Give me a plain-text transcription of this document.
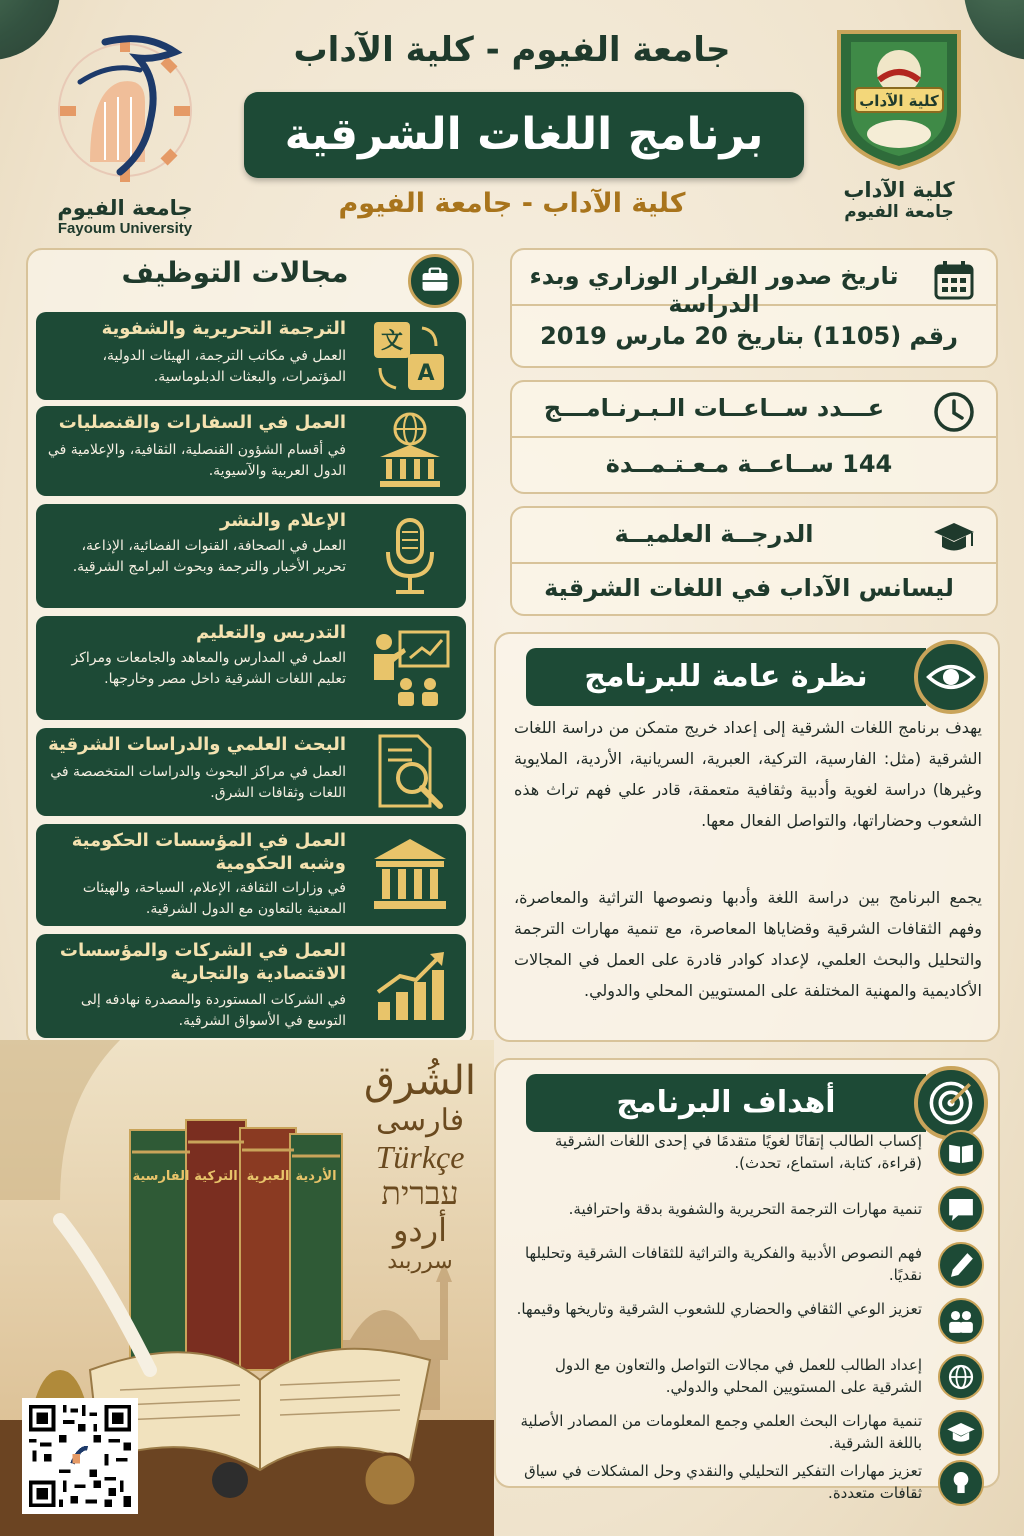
جامعة الفيوم
Fayoum University
كلية الآداب
كلية الآداب
جامعة الفيوم
جامعة الفيوم - كلية الآداب
برنامج اللغات الشرقية
كلية الآداب - جامعة الفيوم
تاريخ صدور القرار الوزاري وبدء الدراسة
رقم (1105) بتاريخ 20 مارس 2019
عـــدد ســاعــات الـبـرنـامـــج
144 ســاعــة مـعـتـمــدة
الدرجــة العلميــة
ليسانس الآداب في اللغات الشرقية
مجالات التوظيف
الترجمة التحريرية والشفوية
العمل في مكاتب الترجمة، الهيئات الدولية، المؤتمرات، والبعثات الدبلوماسية.
文
A
العمل في السفارات والقنصليات
في أقسام الشؤون القنصلية، الثقافية، والإعلامية في الدول العربية والآسيوية.
الإعلام والنشر
العمل في الصحافة، القنوات الفضائية، الإذاعة، تحرير الأخبار والترجمة وبحوث البرامج الشرقية.
التدريس والتعليم
العمل في المدارس والمعاهد والجامعات ومراكز تعليم اللغات الشرقية داخل مصر وخارجها.
البحث العلمي والدراسات الشرقية
العمل في مراكز البحوث والدراسات المتخصصة في اللغات وثقافات الشرق.
العمل في المؤسسات الحكومية وشبه الحكومية
في وزارات الثقافة، الإعلام، السياحة، والهيئات المعنية بالتعاون مع الدول الشرقية.
العمل في الشركات والمؤسسات الاقتصادية والتجارية
في الشركات المستوردة والمصدرة نهادفه إلى التوسع في الأسواق الشرقية.
نظرة عامة للبرنامج
يهدف برنامج اللغات الشرقية إلى إعداد خريج متمكن من دراسة اللغات الشرقية (مثل: الفارسية، التركية، العبرية، السريانية، الأردية، الملايوية وغيرها) دراسة لغوية وأدبية وثقافية متعمقة، قادر علي فهم تراث هذه الشعوب وحضاراتها، والتواصل الفعال معها.
يجمع البرنامج بين دراسة اللغة وأدبها ونصوصها التراثية والمعاصرة، وفهم الثقافات الشرقية وقضاياها المعاصرة، مع تنمية مهارات الترجمة والتحليل والبحث العلمي، لإعداد كوادر قادرة على العمل في المجالات الأكاديمية والمهنية المختلفة على المستويين المحلي والدولي.
أهداف البرنامج
إكساب الطالب إتقانًا لغويًا متقدمًا في إحدى اللغات الشرقية (قراءة، كتابة، استماع، تحدث).
تنمية مهارات الترجمة التحريرية والشفوية بدقة واحترافية.
فهم النصوص الأدبية والفكرية والتراثية للثقافات الشرقية وتحليلها نقديًا.
تعزيز الوعي الثقافي والحضاري للشعوب الشرقية وتاريخها وقيمها.
إعداد الطالب للعمل في مجالات التواصل والتعاون مع الدول الشرقية على المستويين المحلي والدولي.
تنمية مهارات البحث العلمي وجمع المعلومات من المصادر الأصلية باللغة الشرقية.
تعزيز مهارات التفكير التحليلي والنقدي وحل المشكلات في سياق ثقافات متعددة.
الفارسية التركية العبرية الأردية
الشُرق
فارسى
Türkçe
עברית
أردو
سرربىد
